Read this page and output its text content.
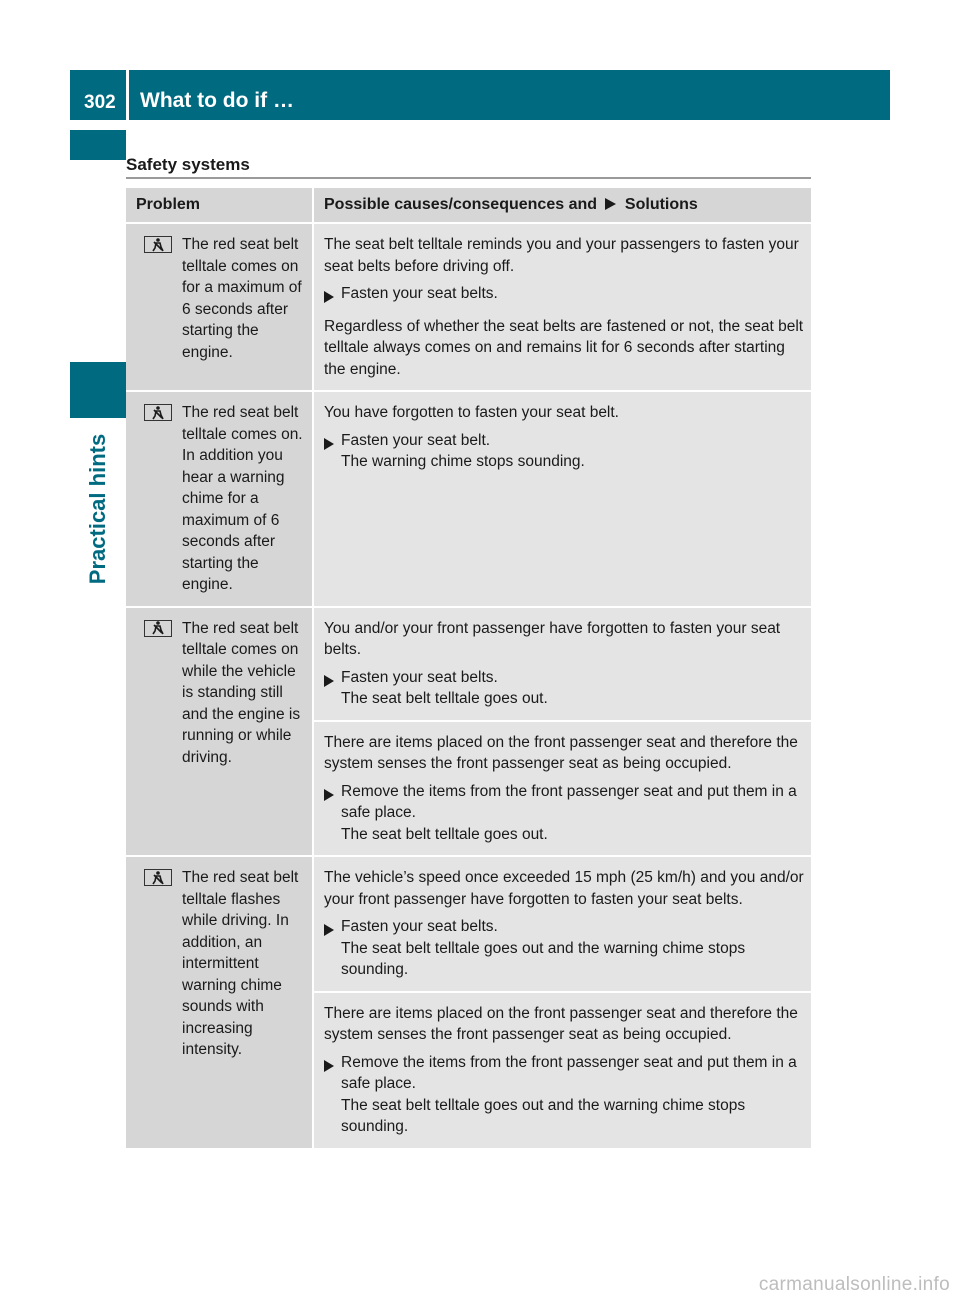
302 What to do if …
Practical hints
Safety systems
Problem	Possible causes/consequences and Solutions

The red seat belt telltale comes on for a maximum of 6 seconds after starting the engine.	The seat belt telltale reminds you and your passengers to fasten your seat belts before driving off.

Fasten your seat belts.

Regardless of whether the seat belts are fastened or not, the seat belt telltale always comes on and remains lit for 6 seconds after starting the engine.

The red seat belt telltale comes on. In addition you hear a warning chime for a maximum of 6 seconds after starting the engine.	You have forgotten to fasten your seat belt.

Fasten your seat belt.
The warning chime stops sounding.

The red seat belt telltale comes on while the vehicle is standing still and the engine is running or while driving.	You and/or your front passenger have forgotten to fasten your seat belts.

Fasten your seat belts.
The seat belt telltale goes out.

	There are items placed on the front passenger seat and therefore the system senses the front passenger seat as being occupied.

Remove the items from the front passenger seat and put them in a safe place.
The seat belt telltale goes out.

The red seat belt telltale flashes while driving. In addition, an intermittent warning chime sounds with increasing intensity.	The vehicle’s speed once exceeded 15 mph (25 km/h) and you and/or your front passenger have forgotten to fasten your seat belts.

Fasten your seat belts.
The seat belt telltale goes out and the warning chime stops sounding.

	There are items placed on the front passenger seat and therefore the system senses the front passenger seat as being occupied.

Remove the items from the front passenger seat and put them in a safe place.
The seat belt telltale goes out and the warning chime stops sounding.
carmanualsonline.info
